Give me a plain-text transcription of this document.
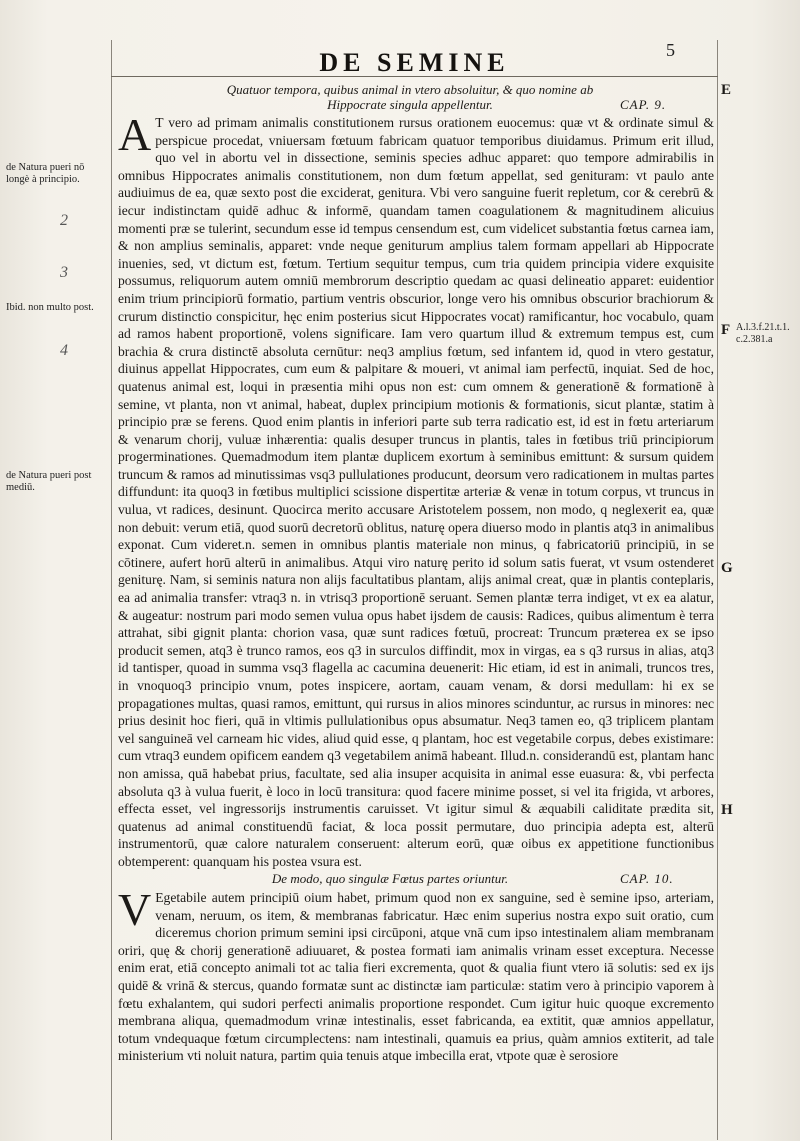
DE SEMINE	5
Quatuor tempora, quibus animal in vtero absoluitur, & quo nomine ab Hippocrate singula appellentur.	CAP. 9.
A T vero ad primam animalis constitutionem rursus orationem euocemus: quæ vt & ordinate simul & perspicue procedat, vniuersam fœtuum fabricam quatuor temporibus diuidamus. Primum erit illud, quo vel in abortu vel in dissectione, seminis species adhuc apparet: quo tempore admirabilis in omnibus Hippocrates animalis constitutionem, non dum fœtum appellat, sed genituram: vt paulo ante audiuimus de ea, quæ sexto post die exciderat, genitura. Vbi vero sanguine fuerit repletum, cor & cerebrū & iecur indistinctam quidē adhuc & informē, quandam tamen coagulationem & magnitudinem alicuius momenti præ se tulerint, secundum esse id tempus censendum est, cum videlicet substantia fœtus carnea iam, & non amplius seminalis, apparet: vnde neque geniturum amplius talem formam appellari ab Hippocrate inuenies, sed, vt dictum est, fœtum. Tertium sequitur tempus, cum tria quidem principia videre exquisite possumus, reliquorum autem omniū membrorum descriptio quedam ac quasi delineatio apparet: euidentior enim trium principiorū formatio, partium ventris obscurior, longe vero his omnibus obscurior brachiorum & crurum distinctio conspicitur, hęc enim posterius sicut Hippocrates vocat) ramificantur, hoc vocabulo, quam ad ramos habent proportionē, volens significare. Iam vero quartum illud & extremum tempus est, cum brachia & crura distinctē absoluta cernūtur: neq3 amplius fœtum, sed infantem id, quod in vtero gestatur, diuinus appellat Hippocrates, cum eum & palpitare & moueri, vt animal iam perfectū, inquiat. Sed de hoc, quatenus animal est, loqui in præsentia mihi opus non est: cum omnem & generationē & formationē à semine, vt planta, non vt animal, habeat, duplex principium motionis & formationis, sicut plantæ, statim à principio præ se ferens. Quod enim plantis in inferiori parte sub terra radicatio est, id est in fœtu arteriarum & venarum chorij, vuluæ inhærentia: qualis desuper truncus in plantis, tales in fœtibus triū principiorum progerminationes. Quemadmodum item plantæ duplicem exortum à seminibus emittunt: & sursum quidem truncum & ramos ad minutissimas vsq3 pullulationes producunt, deorsum vero radicationem in multas partes diffundunt: ita quoq3 in fœtibus multiplici scissione dispertitæ arteriæ & venæ in totum corpus, vt truncus in vulua, vt radices, desinunt. Quocirca merito accusare Aristotelem possem, non modo, q neglexerit ea, quæ non debuit: verum etiā, quod suorū decretorū oblitus, naturę opera diuerso modo in plantis atq3 in animalibus exponat. Cum videret.n. semen in omnibus plantis materiale non minus, q fabricatoriū principiū, in se cōtinere, aufert horū alterū in animalibus. Atqui viro naturę perito id solum satis fuerat, vt vsum ostenderet geniturę. Nam, si seminis natura non alijs facultatibus plantam, alijs animal creat, quæ in plantis conteplaris, ea ad animalia transfer: vtraq3 n. in vtrisq3 proportionē seruant. Semen plantæ terra indiget, vt ex ea alatur, & augeatur: nostrum pari modo semen vulua opus habet ijsdem de causis: Radices, quibus alimentum è terra attrahat, sibi gignit planta: chorion vasa, quæ sunt radices fœtuū, procreat: Truncum præterea ex se ipso producit semen, atq3 è trunco ramos, eos q3 in surculos diffindit, mox in virgas, ea s q3 rursus in alias, atq3 id tantisper, quoad in summa vsq3 flagella ac cacumina deuenerit: Hic etiam, id est in animali, truncos tres, in vnoquoq3 principio vnum, potes inspicere, aortam, cauam venam, & dorsi medullam: hi ex se propagationes multas, quasi ramos, emittunt, qui rursus in alios minores scinduntur, ac rursus in minores: nec prius desinit hoc fieri, quā in vltimis pullulationibus opus absumatur. Neq3 tamen eo, q3 triplicem plantam vel sanguineā vel carneam hic vides, aliud quid esse, q plantam, hoc est vegetabile corpus, debes existimare: cum vtraq3 eundem opificem eandem q3 vegetabilem animā habeant. Illud.n. considerandū est, plantam hanc non amissa, quā habebat prius, facultate, sed alia insuper acquisita in animal esse euasura: &, vbi perfecta absoluta q3 à vulua fuerit, è loco in locū transitura: quod facere minime posset, si vel ita frigida, vt arbores, effecta esset, vel ingressorijs instrumentis caruisset. Vt igitur simul & æquabili caliditate prædita sit, quatenus ad animal constituendū faciat, & loca possit permutare, duo principia adepta est, alterū instrumentorū, quæ calore naturalem conseruent: alterum eorū, quæ oibus ex appetitione functionibus obtemperent: quanquam his postea vsura est.
De modo, quo singulæ Fœtus partes oriuntur.	CAP. 10.
V Egetabile autem principiū oium habet, primum quod non ex sanguine, sed è semine ipso, arteriam, venam, neruum, os item, & membranas fabricatur. Hæc enim superius nostra expo suit oratio, cum diceremus chorion primum semini ipsi circūponi, atque vnā cum ipso intestinalem aliam membranam oriri, quę & chorij generationē adiuuaret, & postea formati iam animalis vrinam esset exceptura. Necesse enim erat, etiā concepto animali tot ac talia fieri excrementa, quot & qualia fiunt vtero iā solutis: sed ex ijs quidē & vrinā & stercus, quando formatæ sunt ac distinctæ iam particulæ: statim vero à principio vaporem à fœtu exhalantem, qui sudori perfecti animalis proportione respondet. Cum igitur huic quoque excremento membrana aliqua, quemadmodum vrinæ intestinalis, esset fabricanda, ea extitit, quæ amnios appellatur, totum vndequaque fœtum circumplectens: nam intestinali, quamuis ea prius, quàm amnios extiterit, ad tale ministerium vti noluit natura, partim quia tenuis atque imbecilla erat, vtpote quæ è serosiore
de Natura pueri nō longè à principio.
2
3
Ibid. non multo post.
4
de Natura pueri post mediū.
E
F A.l.3.f.21.t.1. c.2.381.a
G
H
